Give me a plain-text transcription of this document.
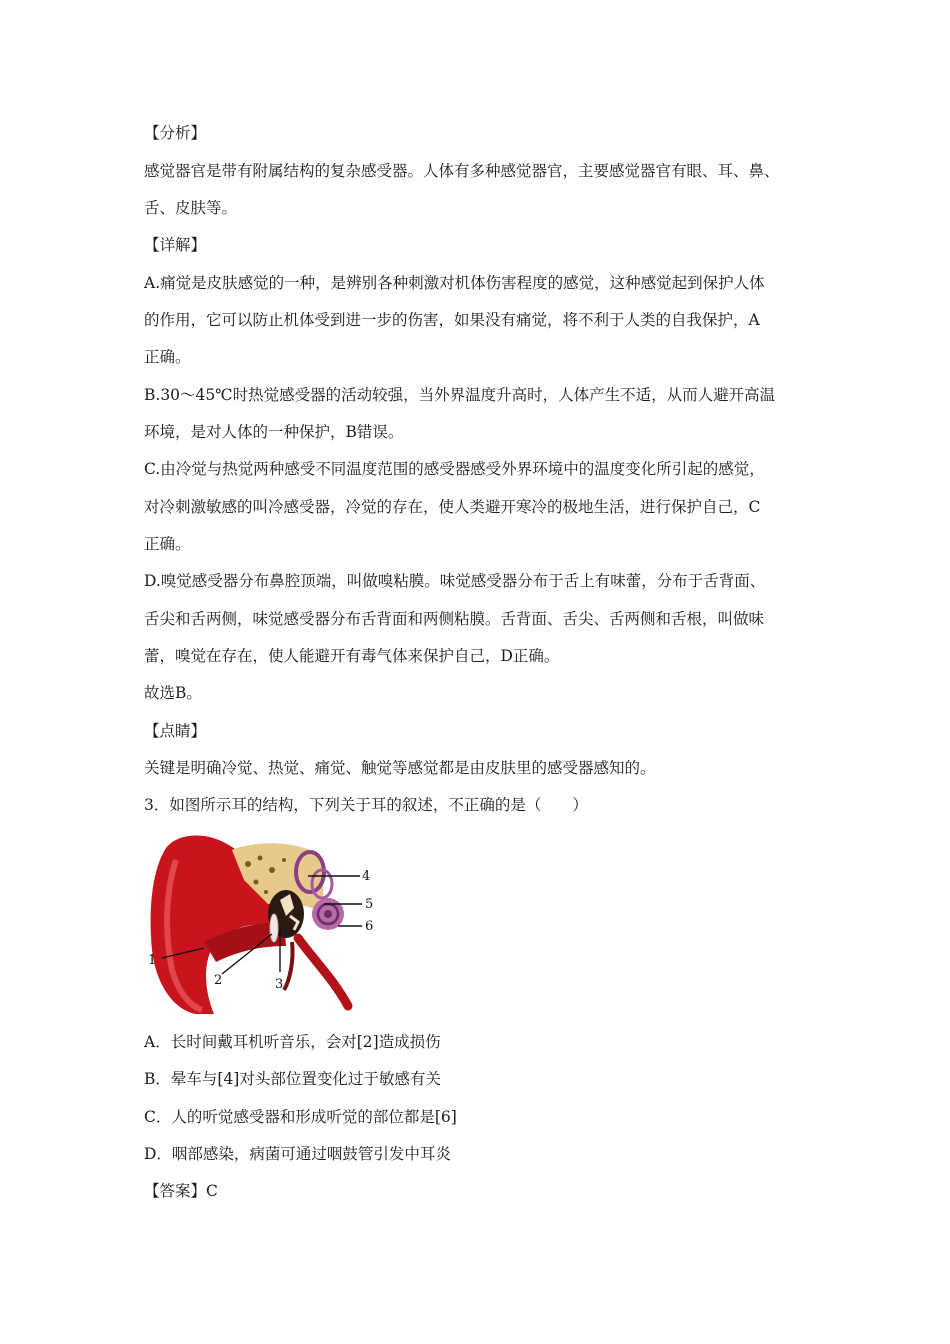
【分析】
感觉器官是带有附属结构的复杂感受器。人体有多种感觉器官，主要感觉器官有眼、耳、鼻、
舌、皮肤等。
【详解】
A.痛觉是皮肤感觉的一种，是辨别各种刺激对机体伤害程度的感觉，这种感觉起到保护人体
的作用，它可以防止机体受到进一步的伤害，如果没有痛觉，将不利于人类的自我保护，A
正确。
B.30～45℃时热觉感受器的活动较强，当外界温度升高时，人体产生不适，从而人避开高温
环境，是对人体的一种保护，B错误。
C.由冷觉与热觉两种感受不同温度范围的感受器感受外界环境中的温度变化所引起的感觉，
对冷刺激敏感的叫冷感受器，冷觉的存在，使人类避开寒冷的极地生活，进行保护自己，C
正确。
D.嗅觉感受器分布鼻腔顶端，叫做嗅粘膜。味觉感受器分布于舌上有味蕾，分布于舌背面、
舌尖和舌两侧，味觉感受器分布舌背面和两侧粘膜。舌背面、舌尖、舌两侧和舌根，叫做味
蕾，嗅觉在存在，使人能避开有毒气体来保护自己，D正确。
故选B。
【点睛】
关键是明确冷觉、热觉、痛觉、触觉等感觉都是由皮肤里的感受器感知的。
3．如图所示耳的结构，下列关于耳的叙述，不正确的是（　　）
1
2	3
4
5
6
A．长时间戴耳机听音乐，会对[2]造成损伤
B．晕车与[4]对头部位置变化过于敏感有关
C．人的听觉感受器和形成听觉的部位都是[6]
D．咽部感染，病菌可通过咽鼓管引发中耳炎
【答案】C
